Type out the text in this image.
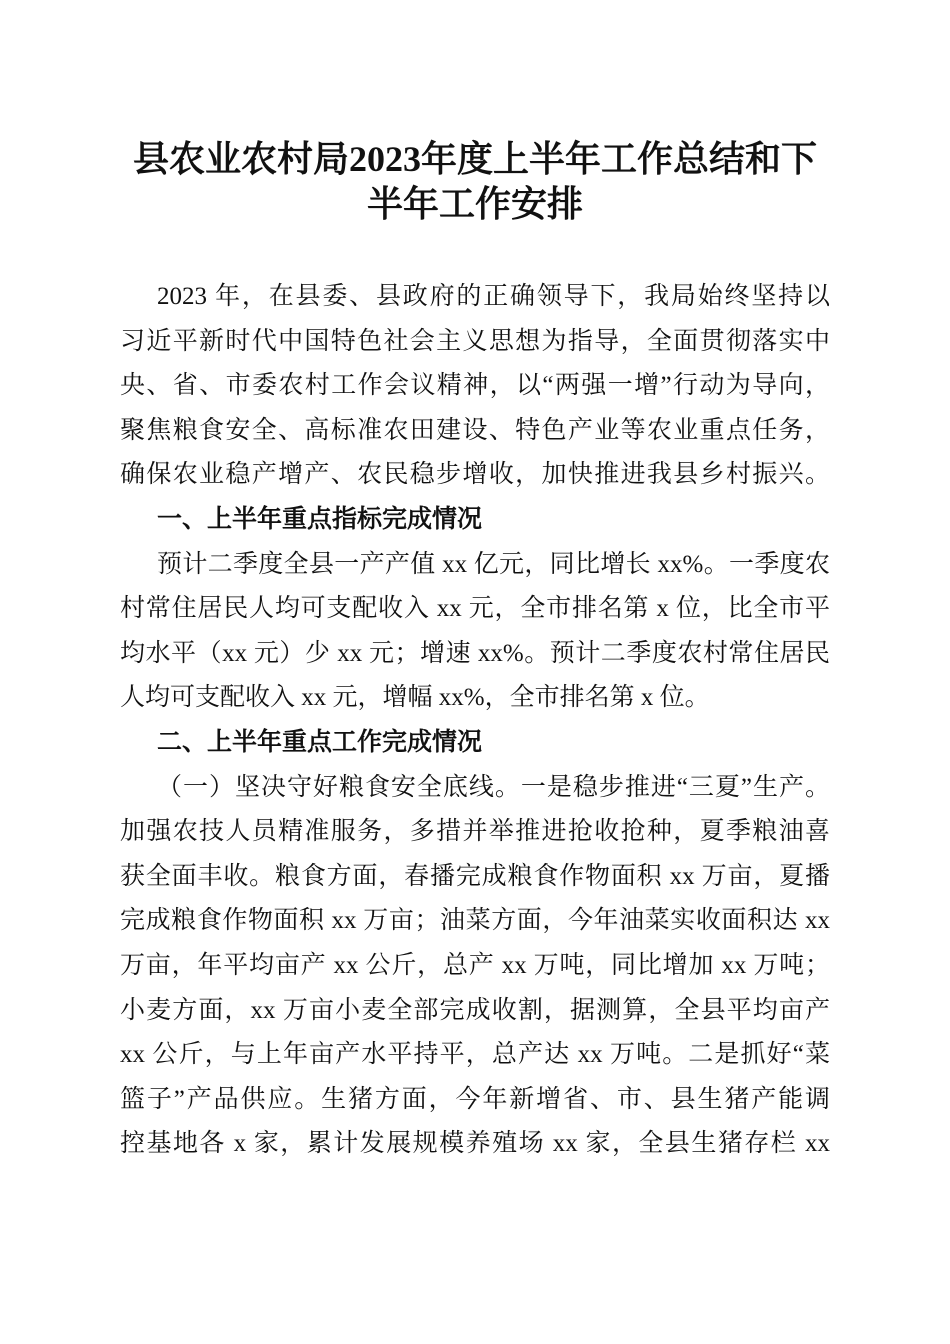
县农业农村局2023年度上半年工作总结和下
半年工作安排
2023 年，在县委、县政府的正确领导下，我局始终坚持以
习近平新时代中国特色社会主义思想为指导，全面贯彻落实中
央、省、市委农村工作会议精神，以“两强一增”行动为导向，
聚焦粮食安全、高标准农田建设、特色产业等农业重点任务，
确保农业稳产增产、农民稳步增收，加快推进我县乡村振兴。
一、上半年重点指标完成情况
预计二季度全县一产产值 xx 亿元，同比增长 xx%。一季度农
村常住居民人均可支配收入 xx 元，全市排名第 x 位，比全市平
均水平（xx 元）少 xx 元；增速 xx%。预计二季度农村常住居民
人均可支配收入 xx 元，增幅 xx%，全市排名第 x 位。
二、上半年重点工作完成情况
（一）坚决守好粮食安全底线。一是稳步推进“三夏”生产。
加强农技人员精准服务，多措并举推进抢收抢种，夏季粮油喜
获全面丰收。粮食方面，春播完成粮食作物面积 xx 万亩，夏播
完成粮食作物面积 xx 万亩；油菜方面，今年油菜实收面积达 xx
万亩，年平均亩产 xx 公斤，总产 xx 万吨，同比增加 xx 万吨；
小麦方面，xx 万亩小麦全部完成收割，据测算，全县平均亩产
xx 公斤，与上年亩产水平持平，总产达 xx 万吨。二是抓好“菜
篮子”产品供应。生猪方面，今年新增省、市、县生猪产能调
控基地各 x 家，累计发展规模养殖场 xx 家，全县生猪存栏 xx
